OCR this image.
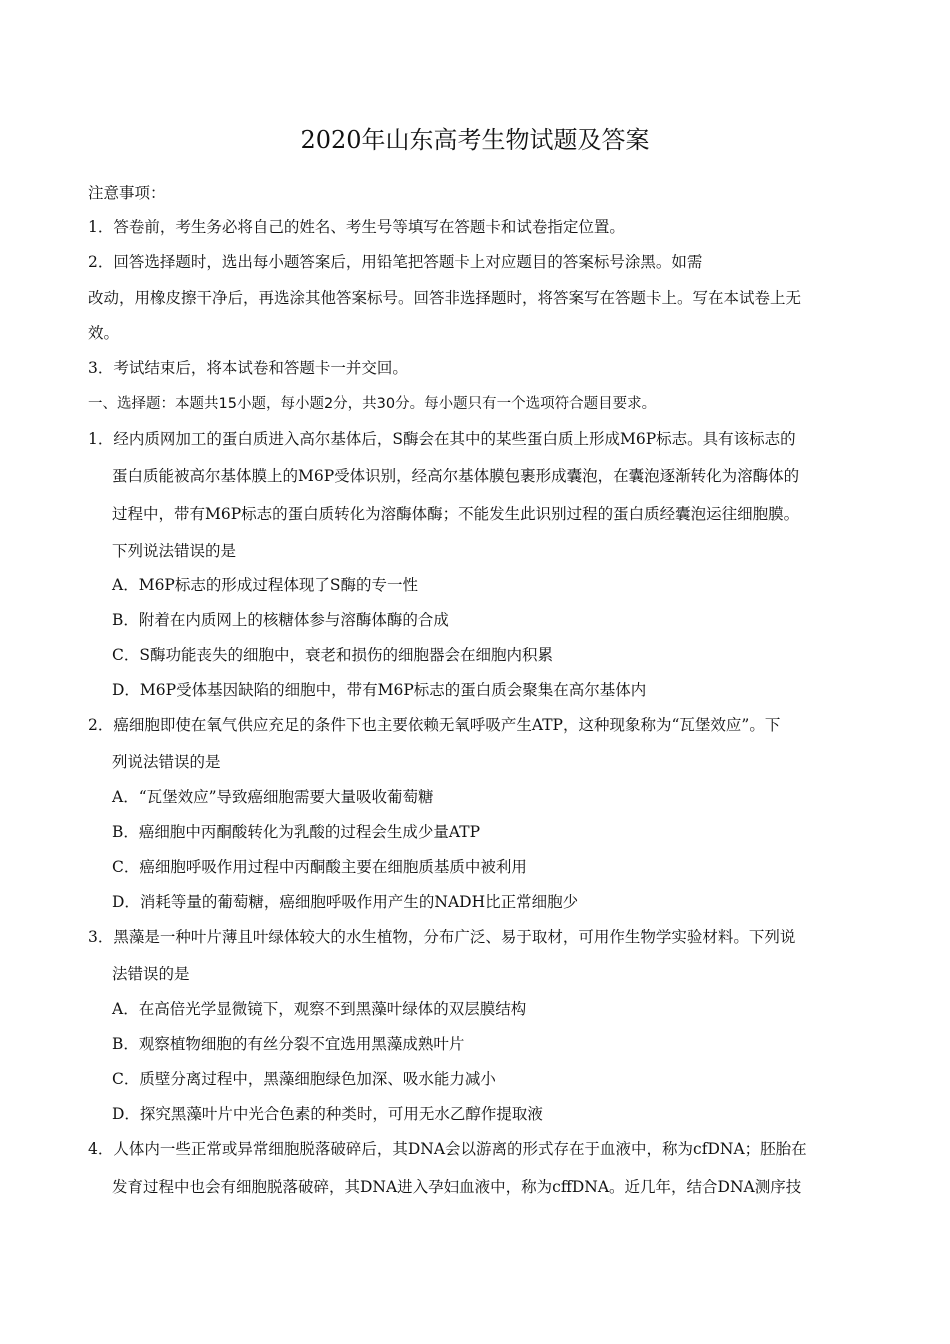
2020年山东高考生物试题及答案
注意事项：
1．答卷前，考生务必将自己的姓名、考生号等填写在答题卡和试卷指定位置。
2．回答选择题时，选出每小题答案后，用铅笔把答题卡上对应题目的答案标号涂黑。如需
改动，用橡皮擦干净后，再选涂其他答案标号。回答非选择题时，将答案写在答题卡上。写在本试卷上无
效。
3．考试结束后，将本试卷和答题卡一并交回。
一、选择题：本题共15小题，每小题2分，共30分。每小题只有一个选项符合题目要求。
1．经内质网加工的蛋白质进入高尔基体后，S酶会在其中的某些蛋白质上形成M6P标志。具有该标志的
蛋白质能被高尔基体膜上的M6P受体识别，经高尔基体膜包裹形成囊泡，在囊泡逐渐转化为溶酶体的
过程中，带有M6P标志的蛋白质转化为溶酶体酶；不能发生此识别过程的蛋白质经囊泡运往细胞膜。
下列说法错误的是
A．M6P标志的形成过程体现了S酶的专一性
B．附着在内质网上的核糖体参与溶酶体酶的合成
C．S酶功能丧失的细胞中，衰老和损伤的细胞器会在细胞内积累
D．M6P受体基因缺陷的细胞中，带有M6P标志的蛋白质会聚集在高尔基体内
2．癌细胞即使在氧气供应充足的条件下也主要依赖无氧呼吸产生ATP，这种现象称为“瓦堡效应”。下
列说法错误的是
A．“瓦堡效应”导致癌细胞需要大量吸收葡萄糖
B．癌细胞中丙酮酸转化为乳酸的过程会生成少量ATP
C．癌细胞呼吸作用过程中丙酮酸主要在细胞质基质中被利用
D．消耗等量的葡萄糖，癌细胞呼吸作用产生的NADH比正常细胞少
3．黑藻是一种叶片薄且叶绿体较大的水生植物，分布广泛、易于取材，可用作生物学实验材料。下列说
法错误的是
A．在高倍光学显微镜下，观察不到黑藻叶绿体的双层膜结构
B．观察植物细胞的有丝分裂不宜选用黑藻成熟叶片
C．质壁分离过程中，黑藻细胞绿色加深、吸水能力减小
D．探究黑藻叶片中光合色素的种类时，可用无水乙醇作提取液
4．人体内一些正常或异常细胞脱落破碎后，其DNA会以游离的形式存在于血液中，称为cfDNA；胚胎在
发育过程中也会有细胞脱落破碎，其DNA进入孕妇血液中，称为cffDNA。近几年，结合DNA测序技
